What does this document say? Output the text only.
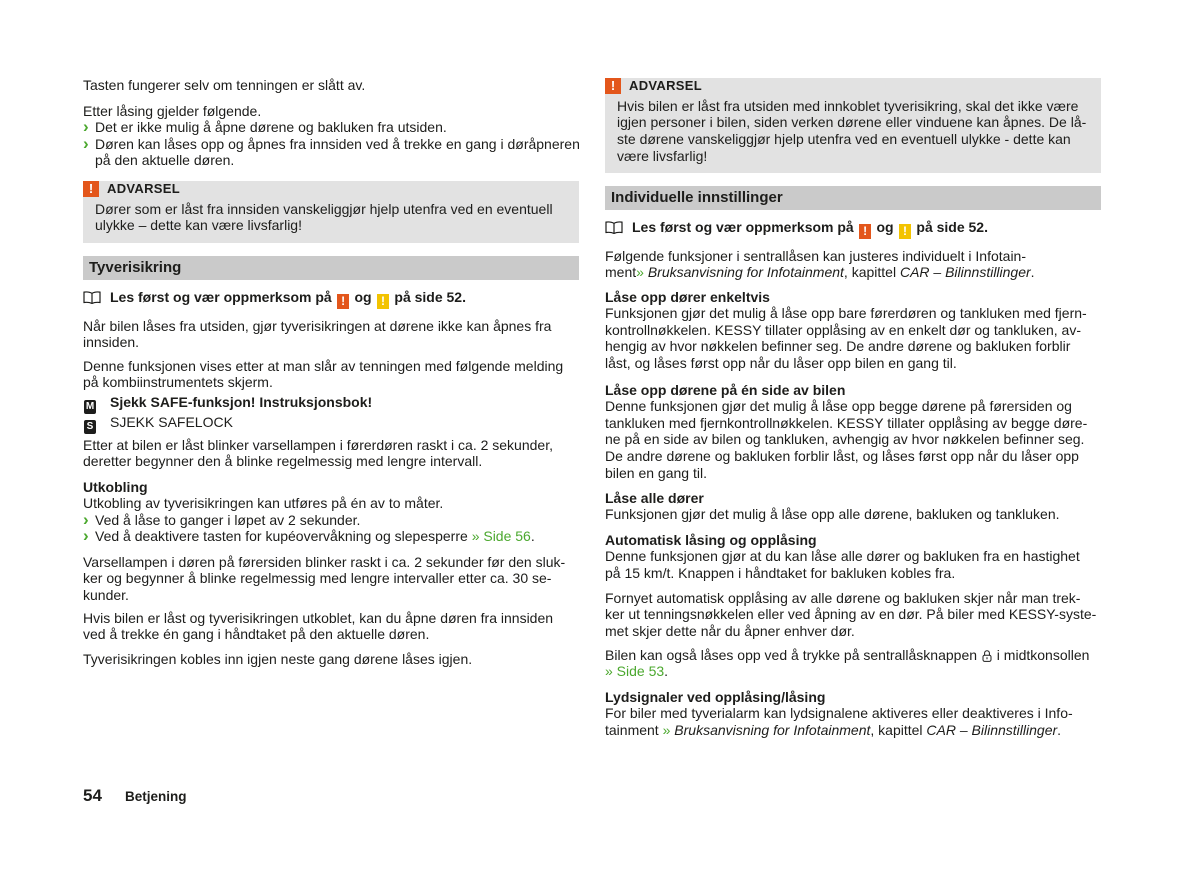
Tasten fungerer selv om tenningen er slått av.

Etter låsing gjelder følgende.
› Det er ikke mulig å åpne dørene og bakluken fra utsiden.
› Døren kan låses opp og åpnes fra innsiden ved å trekke en gang i døråpneren
på den aktuelle døren.
! ADVARSEL
Dører som er låst fra innsiden vanskeliggjør hjelp utenfra ved en eventuell
ulykke – dette kan være livsfarlig!
Tyverisikring
Les først og vær oppmerksom på ! og ! på side 52.

Når bilen låses fra utsiden, gjør tyverisikringen at dørene ikke kan åpnes fra
innsiden.

Denne funksjonen vises etter at man slår av tenningen med følgende melding
på kombiinstrumentets skjerm.

M Sjekk SAFE-funksjon! Instruksjonsbok!
S SJEKK SAFELOCK

Etter at bilen er låst blinker varsellampen i førerdøren raskt i ca. 2 sekunder,
deretter begynner den å blinke regelmessig med lengre intervall.

Utkobling
Utkobling av tyverisikringen kan utføres på én av to måter.
› Ved å låse to ganger i løpet av 2 sekunder.
› Ved å deaktivere tasten for kupéovervåkning og slepesperre » Side 56.

Varsellampen i døren på førersiden blinker raskt i ca. 2 sekunder før den sluk-
ker og begynner å blinke regelmessig med lengre intervaller etter ca. 30 se-
kunder.

Hvis bilen er låst og tyverisikringen utkoblet, kan du åpne døren fra innsiden
ved å trekke én gang i håndtaket på den aktuelle døren.

Tyverisikringen kobles inn igjen neste gang dørene låses igjen.

! ADVARSEL
Hvis bilen er låst fra utsiden med innkoblet tyverisikring, skal det ikke være
igjen personer i bilen, siden verken dørene eller vinduene kan åpnes. De lå-
ste dørene vanskeliggjør hjelp utenfra ved en eventuell ulykke - dette kan
være livsfarlig!
Individuelle innstillinger
Les først og vær oppmerksom på ! og ! på side 52.

Følgende funksjoner i sentrallåsen kan justeres individuelt i Infotain-
ment» Bruksanvisning for Infotainment, kapittel CAR – Bilinnstillinger.

Låse opp dører enkeltvis
Funksjonen gjør det mulig å låse opp bare førerdøren og tankluken med fjern-
kontrollnøkkelen. KESSY tillater opplåsing av en enkelt dør og tankluken, av-
hengig av hvor nøkkelen befinner seg. De andre dørene og bakluken forblir
låst, og låses først opp når du låser opp bilen en gang til.
Låse opp dørene på én side av bilen
Denne funksjonen gjør det mulig å låse opp begge dørene på førersiden og
tankluken med fjernkontrollnøkkelen. KESSY tillater opplåsing av begge døre-
ne på en side av bilen og tankluken, avhengig av hvor nøkkelen befinner seg.
De andre dørene og bakluken forblir låst, og låses først opp når du låser opp
bilen en gang til.
Låse alle dører
Funksjonen gjør det mulig å låse opp alle dørene, bakluken og tankluken.
Automatisk låsing og opplåsing
Denne funksjonen gjør at du kan låse alle dører og bakluken fra en hastighet
på 15 km/t. Knappen i håndtaket for bakluken kobles fra.

Fornyet automatisk opplåsing av alle dørene og bakluken skjer når man trek-
ker ut tenningsnøkkelen eller ved åpning av en dør. På biler med KESSY-syste-
met skjer dette når du åpner enhver dør.

Bilen kan også låses opp ved å trykke på sentrallåsknappen i midtkonsollen
» Side 53.

Lydsignaler ved opplåsing/låsing
For biler med tyverialarm kan lydsignalene aktiveres eller deaktiveres i Info-
tainment » Bruksanvisning for Infotainment, kapittel CAR – Bilinnstillinger.
54 Betjening
